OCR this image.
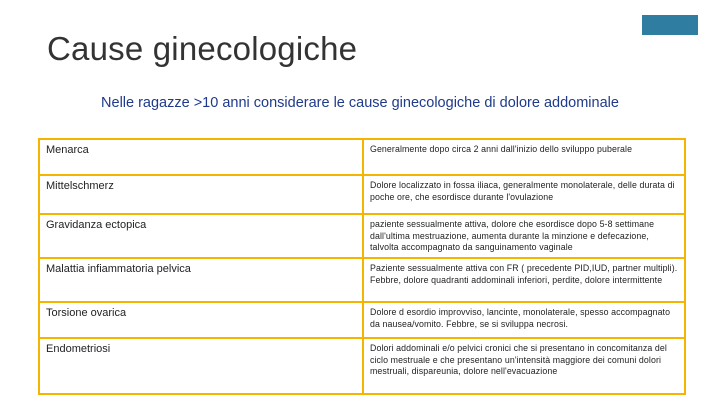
Cause ginecologiche
Nelle ragazze >10 anni considerare le cause ginecologiche di dolore addominale
Menarca	Generalmente dopo circa 2 anni dall'inizio dello sviluppo puberale
Mittelschmerz	Dolore localizzato in fossa iliaca, generalmente monolaterale, delle durata di poche ore, che esordisce durante l'ovulazione
Gravidanza ectopica	paziente sessualmente attiva, dolore che esordisce dopo 5-8 settimane dall'ultima mestruazione, aumenta durante la minzione e defecazione, talvolta accompagnato da sanguinamento vaginale
Malattia infiammatoria pelvica	Paziente sessualmente attiva con FR ( precedente PID,IUD, partner multipli). Febbre, dolore quadranti addominali inferiori, perdite, dolore intermittente
Torsione ovarica	Dolore d esordio improvviso, lancinte, monolaterale, spesso accompagnato da nausea/vomito. Febbre, se si sviluppa necrosi.
Endometriosi	Dolori addominali e/o pelvici cronici che si presentano in concomitanza del ciclo mestruale e che presentano un'intensità maggiore dei comuni dolori mestruali, dispareunia, dolore nell'evacuazione
